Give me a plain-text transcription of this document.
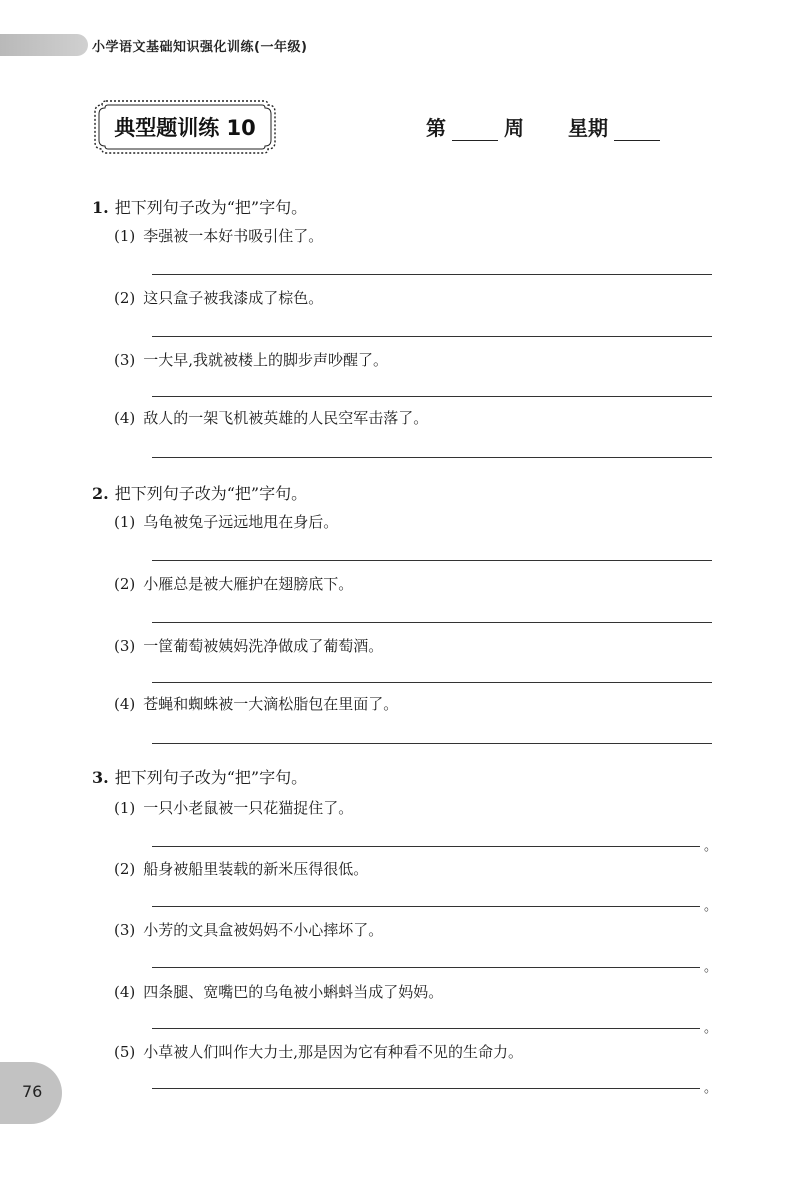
小学语文基础知识强化训练(一年级)
典型题训练 10	第	周 星期
1. 把下列句子改为“把”字句。
(1) 李强被一本好书吸引住了。
(2) 这只盒子被我漆成了棕色。
(3) 一大早,我就被楼上的脚步声吵醒了。
(4) 敌人的一架飞机被英雄的人民空军击落了。
2. 把下列句子改为“把”字句。
(1) 乌龟被兔子远远地甩在身后。
(2) 小雁总是被大雁护在翅膀底下。
(3) 一筐葡萄被姨妈洗净做成了葡萄酒。
(4) 苍蝇和蜘蛛被一大滴松脂包在里面了。
3. 把下列句子改为“把”字句。
(1) 一只小老鼠被一只花猫捉住了。
。
(2) 船身被船里装载的新米压得很低。
。
(3) 小芳的文具盒被妈妈不小心摔坏了。
。
(4) 四条腿、宽嘴巴的乌龟被小蝌蚪当成了妈妈。
。
(5) 小草被人们叫作大力士,那是因为它有种看不见的生命力。
。
76
